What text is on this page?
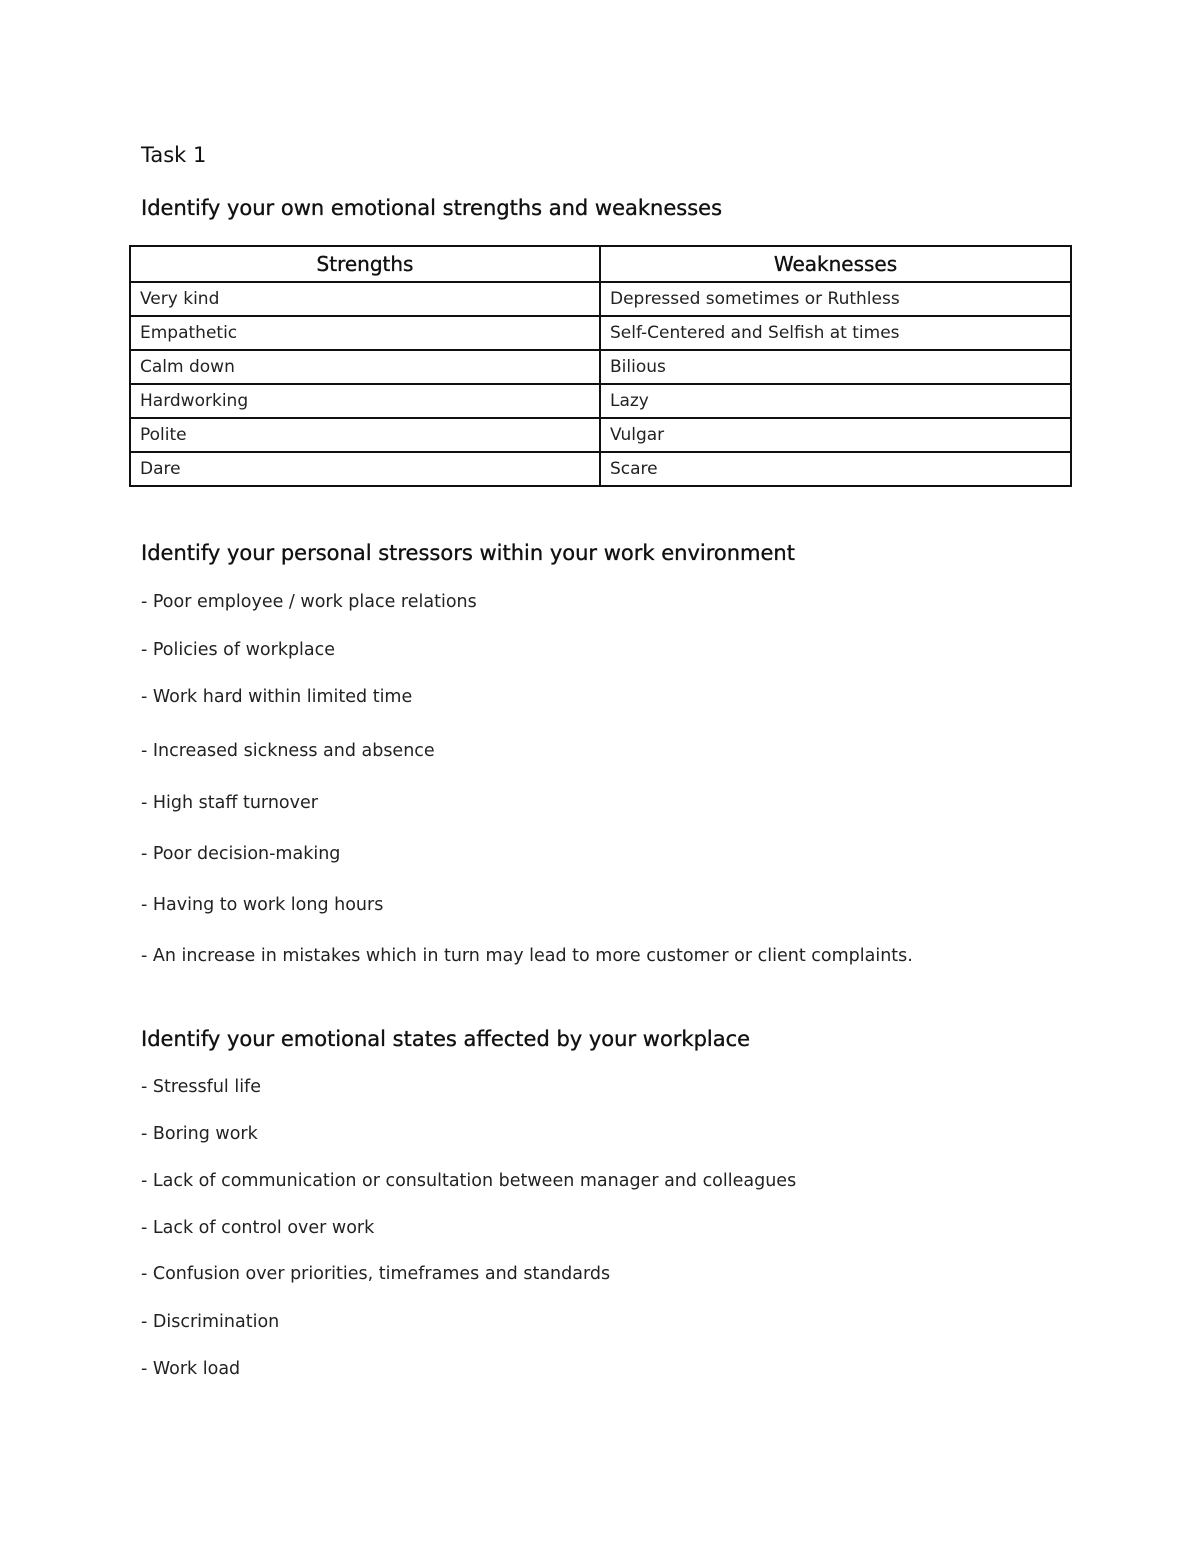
Task 1

Identify your own emotional strengths and weaknesses

Strengths	Weaknesses
Very kind	Depressed sometimes or Ruthless
Empathetic	Self-Centered and Selfish at times
Calm down	Bilious
Hardworking	Lazy
Polite	Vulgar
Dare	Scare

Identify your personal stressors within your work environment

- Poor employee / work place relations
- Policies of workplace
- Work hard within limited time
- Increased sickness and absence
- High staff turnover
- Poor decision-making
- Having to work long hours
- An increase in mistakes which in turn may lead to more customer or client complaints.

Identify your emotional states affected by your workplace

- Stressful life
- Boring work
- Lack of communication or consultation between manager and colleagues
- Lack of control over work
- Confusion over priorities, timeframes and standards
- Discrimination
- Work load
